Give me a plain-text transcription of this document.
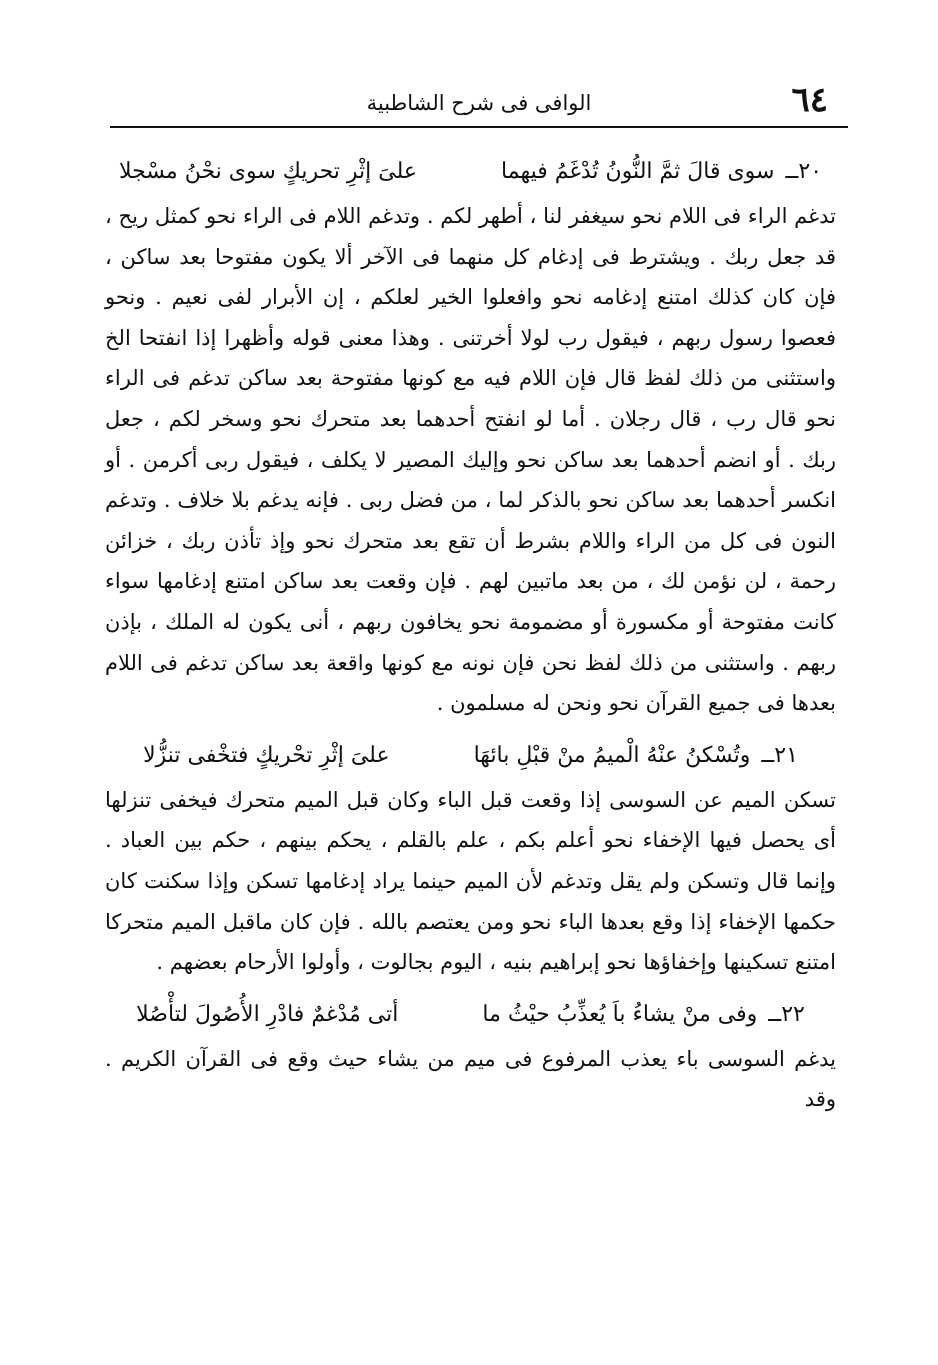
٦٤
الوافى فى شرح الشاطبية
٢٠ــ سوى قالَ ثمَّ النُّونُ تُدْغَمُ فيهما  علىَ إثْرِ تحريكٍ سوى نحْنُ مسْجلا

تدغم الراء فى اللام نحو سيغفر لنا ، أطهر لكم . وتدغم اللام فى الراء نحو كمثل ريح ، قد جعل ربك . ويشترط فى إدغام كل منهما فى الآخر ألا يكون مفتوحا بعد ساكن ، فإن كان كذلك امتنع إدغامه نحو وافعلوا الخير لعلكم ، إن الأبرار لفى نعيم . ونحو فعصوا رسول ربهم ، فيقول رب لولا أخرتنى . وهذا معنى قوله وأظهرا إذا انفتحا الخ واستثنى من ذلك لفظ قال فإن اللام فيه مع كونها مفتوحة بعد ساكن تدغم فى الراء نحو قال رب ، قال رجلان . أما لو انفتح أحدهما بعد متحرك نحو وسخر لكم ، جعل ربك . أو انضم أحدهما بعد ساكن نحو وإليك المصير لا يكلف ، فيقول ربى أكرمن . أو انكسر أحدهما بعد ساكن نحو بالذكر لما ، من فضل ربى . فإنه يدغم بلا خلاف . وتدغم النون فى كل من الراء واللام بشرط أن تقع بعد متحرك نحو وإذ تأذن ربك ، خزائن رحمة ، لن نؤمن لك ، من بعد ماتبين لهم . فإن وقعت بعد ساكن امتنع إدغامها سواء كانت مفتوحة أو مكسورة أو مضمومة نحو يخافون ربهم ، أنى يكون له الملك ، بإذن ربهم . واستثنى من ذلك لفظ نحن فإن نونه مع كونها واقعة بعد ساكن تدغم فى اللام بعدها فى جميع القرآن نحو ونحن له مسلمون .

٢١ــ وتُسْكنُ عنْهُ الْميمُ منْ قبْلِ بائهَا  علىَ إثْرِ تحْريكٍ فتخْفى تنزُّلا

تسكن الميم عن السوسى إذا وقعت قبل الباء وكان قبل الميم متحرك فيخفى تنزلها أى يحصل فيها الإخفاء نحو أعلم بكم ، علم بالقلم ، يحكم بينهم ، حكم بين العباد . وإنما قال وتسكن ولم يقل وتدغم لأن الميم حينما يراد إدغامها تسكن وإذا سكنت كان حكمها الإخفاء إذا وقع بعدها الباء نحو ومن يعتصم بالله . فإن كان ماقبل الميم متحركا امتنع تسكينها وإخفاؤها نحو إبراهيم بنيه ، اليوم بجالوت ، وأولوا الأرحام بعضهم .

٢٢ــ وفى منْ يشاءُ باَ يُعذِّبُ حيْثُ ما  أتى مُدْغمٌ فادْرِ الأُصُولَ لتأْصُلا

يدغم السوسى باء يعذب المرفوع فى ميم من يشاء حيث وقع فى القرآن الكريم . وقد
